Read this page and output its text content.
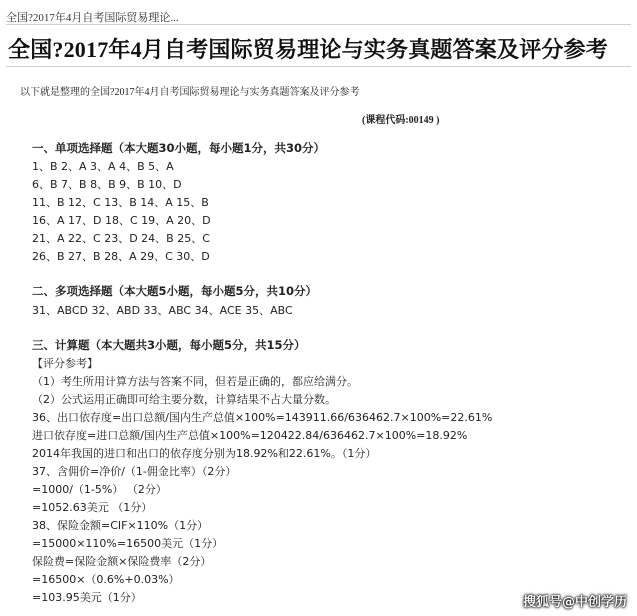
全国?2017年4月自考国际贸易理论...
全国?2017年4月自考国际贸易理论与实务真题答案及评分参考
以下就是整理的全国?2017年4月自考国际贸易理论与实务真题答案及评分参考
(课程代码:00149 )
一、单项选择题（本大题30小题，每小题1分，共30分）
1、B 2、A 3、A 4、B 5、A
6、B 7、B 8、B 9、B 10、D
11、B 12、C 13、B 14、A 15、B
16、A 17、D 18、C 19、A 20、D
21、A 22、C 23、D 24、B 25、C
26、B 27、B 28、A 29、C 30、D
二、多项选择题（本大题5小题，每小题5分，共10分）
31、ABCD 32、ABD 33、ABC 34、ACE 35、ABC
三、计算题（本大题共3小题，每小题5分，共15分）
【评分参考】
（1）考生所用计算方法与答案不同，但若是正确的，都应给满分。
（2）公式运用正确即可给主要分数，计算结果不占大量分数。
36、出口依存度=出口总额/国内生产总值×100%=143911.66/636462.7×100%=22.61%
进口依存度=进口总额/国内生产总值×100%=120422.84/636462.7×100%=18.92%
2014年我国的进口和出口的依存度分别为18.92%和22.61%。（1分）
37、含佣价=净价/（1-佣金比率）（2分）
=1000/（1-5%） （2分）
=1052.63美元 （1分）
38、保险金额=CIF×110%（1分）
=15000×110%=16500美元（1分）
保险费=保险金额×保险费率（2分）
=16500×（0.6%+0.03%）
=103.95美元（1分）	搜狐号@中创学历
